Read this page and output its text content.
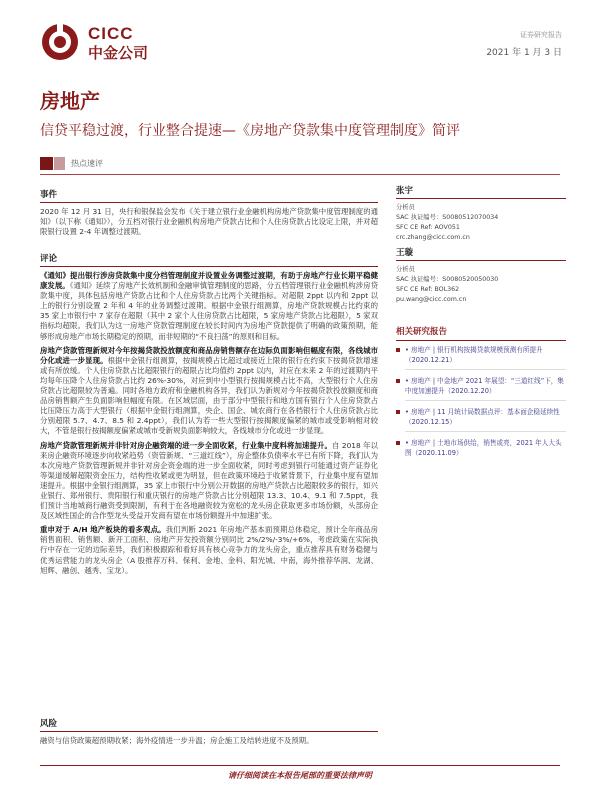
CICC
中金公司
证券研究报告
2021 年 1 月 3 日
房地产
信贷平稳过渡，行业整合提速—《房地产贷款集中度管理制度》简评
热点速评
事件
2020 年 12 月 31 日，央行和银保监会发布《关于建立银行业金融机构房地产贷款集中度管理制度的通知》（以下称《通知》），分五档对银行业金融机构房地产贷款占比和个人住房贷款占比设定上限，并对超限银行设置 2-4 年调整过渡期。
评论
《通知》提出银行涉房贷款集中度分档管理制度并设置业务调整过渡期，有助于房地产行业长期平稳健康发展。《通知》延续了房地产长效机制和金融审慎管理制度的思路，分五档管理银行业金融机构涉房贷款集中度，具体包括房地产贷款占比和个人住房贷款占比两个关键指标。对超限 2ppt 以内和 2ppt 以上的银行分别设置 2 年和 4 年的业务调整过渡期。根据中金银行组测算，房地产贷款规模占比约束的 35 家上市银行中 7 家存在超限（其中 2 家个人住房贷款占比超限，5 家房地产贷款占比超限），5 家双指标均超限。我们认为这一房地产贷款管理制度在较长时间内为房地产贷款提供了明确的政策预期，能够形成房地产市场长期稳定的预期，而非短期的“不良扫荡”的原则和目标。
房地产贷款管理新规对今年按揭贷款投放额度和商品房销售额存在边际负面影响但幅度有限，各线城市分化或进一步显现。根据中金银行组测算，按揭规模占比超过或接近上限的银行在约束下按揭贷款增速或有所放缓。个人住房贷款占比超限银行的超限占比均值约 2ppt 以内，对应在未来 2 年的过渡期内平均每年压降个人住房贷款占比约 26%-30%，对应到中小型银行按揭规模占比不高，大型银行个人住房贷款占比超限较为普遍。同时各地方政府和金融机构各异，我们认为新规对今年按揭贷款投放额度和商品房销售额产生负面影响但幅度有限。在区域层面，由于部分中型银行和地方国有银行个人住房贷款占比压降压力高于大型银行（根据中金银行组测算，央企、国企、城农商行在各档银行个人住房贷款占比分别超限 5.7、4.7、8.5 和 2.4ppt），我们认为若一些大型银行按揭额度偏紧的城市或受影响相对较大，不管是银行按揭额度偏紧或城市受新规负面影响较大，各线城市分化或进一步显现。
房地产贷款管理新规并非针对房企融资端的进一步全面收紧，行业集中度料将加速提升。自 2018 年以来房企融资环境逐步向收紧趋势（资管新规、“三道红线”），房企整体负债率水平已有所下降，我们认为本次房地产贷款管理新规并非针对房企资金端的进一步全面收紧，同时考虑到银行可能通过资产证券化等渠道缓解超限资金压力，结构性收紧或更为明显，但在政策环境趋于收紧背景下，行业集中度有望加速提升。根据中金银行组测算，35 家上市银行中分别公开数据的房地产贷款占比超限较多的银行，如兴业银行、郑州银行、贵阳银行和重庆银行的房地产贷款占比分别超限 13.3、10.4、9.1 和 7.5ppt，我们预计当地城商行融资受到限制，有利于在各地融资较为宽松的龙头房企获取更多市场份额，头部房企及区域性国企的合作型龙头受益开发商有望在市场份额提升中加速扩张。
重申对于 A/H 地产板块的看多观点。我们判断 2021 年房地产基本面预期总体稳定，预计全年商品房销售面积、销售额、新开工面积、房地产开发投资额分别同比 2%/2%/-3%/+6%，考虑政策在实际执行中存在一定的边际差异，我们积极跟踪和看好具有核心竞争力的龙头房企，重点推荐具有财务稳健与优秀运营能力的龙头房企（A 股推荐万科、保利、金地、金科、阳光城、中南，海外推荐华润、龙湖、旭辉、融创、越秀、宝龙）。
风险
融资与信贷政策超预期收紧；海外疫情进一步升温；房企施工及结转进度不及预期。
张宇
分析员
SAC 执证编号：S0080512070034
SFC CE Ref: AOV051
crc.zhang@cicc.com.cn
王璇
分析员
SAC 执证编号：S0080520050030
SFC CE Ref: BOL362
pu.wang@cicc.com.cn
相关研究报告
• 房地产 | 银行机构按揭贷款规模预测有所提升（2020.12.21）
• 房地产 | 中金地产 2021 年展望：“三道红线”下，集中度加速提升（2020.12.20）
• 房地产 | 11 月统计局数据点评：基本面企稳延续性（2020.12.15）
• 房地产 | 土地市场供给，销售或亮，2021 年人大头图（2020.11.09）
请仔细阅读在本报告尾部的重要法律声明
